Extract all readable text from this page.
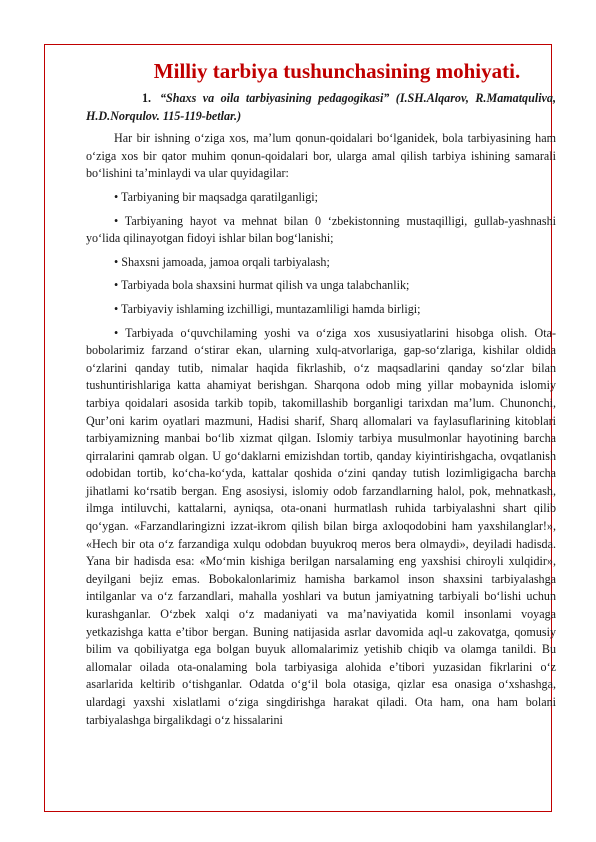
Milliy tarbiya tushunchasining mohiyati.

1. “Shaxs va oila tarbiyasining pedagogikasi” (I.SH.Alqarov, R.Mamatquliva, H.D.Norqulov. 115-119-betlar.)

Har bir ishning o‘ziga xos, ma’lum qonun-qoidalari bo‘lganidek, bola tarbiyasining ham o‘ziga xos bir qator muhim qonun-qoidalari bor, ularga amal qilish tarbiya ishining samarali bo‘lishini ta’minlaydi va ular quyidagilar:

• Tarbiyaning bir maqsadga qaratilganligi;

• Tarbiyaning hayot va mehnat bilan 0 ‘zbekistonning mustaqilligi, gullab-yashnashi yo‘lida qilinayotgan fidoyi ishlar bilan bog‘lanishi;

• Shaxsni jamoada, jamoa orqali tarbiyalash;

• Tarbiyada bola shaxsini hurmat qilish va unga talabchanlik;

• Tarbiyaviy ishlaming izchilligi, muntazamliligi hamda birligi;

• Tarbiyada o‘quvchilaming yoshi va o‘ziga xos xususiyatlarini hisobga olish. Ota-bobolarimiz farzand o‘stirar ekan, ularning xulq-atvorlariga, gap-so‘zlariga, kishilar oldida o‘zlarini qanday tutib, nimalar haqida fikrlashib, o‘z maqsadlarini qanday so‘zlar bilan tushuntirishlariga katta ahamiyat berishgan. Sharqona odob ming yillar mobaynida islomiy tarbiya qoidalari asosida tarkib topib, takomillashib borganligi tarixdan ma’lum. Chunonchi, Qur’oni karim oyatlari mazmuni, Hadisi sharif, Sharq allomalari va faylasuflarining kitoblari tarbiyamizning manbai bo‘lib xizmat qilgan. Islomiy tarbiya musulmonlar hayotining barcha qirralarini qamrab olgan. U go‘daklarni emizishdan tortib, qanday kiyintirishgacha, ovqatlanish odobidan tortib, ko‘cha-ko‘yda, kattalar qoshida o‘zini qanday tutish lozimligigacha barcha jihatlami ko‘rsatib bergan. Eng asosiysi, islomiy odob farzandlarning halol, pok, mehnatkash, ilmga intiluvchi, kattalarni, ayniqsa, ota-onani hurmatlash ruhida tarbiyalashni shart qilib qo‘ygan. «Farzandlaringizni izzat-ikrom qilish bilan birga axloqodobini ham yaxshilanglar!», «Hech bir ota o‘z farzandiga xulqu odobdan buyukroq meros bera olmaydi», deyiladi hadisda. Yana bir hadisda esa: «Mo‘min kishiga berilgan narsalaming eng yaxshisi chiroyli xulqidir», deyilgani bejiz emas. Bobokalonlarimiz hamisha barkamol inson shaxsini tarbiyalashga intilganlar va o‘z farzandlari, mahalla yoshlari va butun jamiyatning tarbiyali bo‘lishi uchun kurashganlar. O‘zbek xalqi o‘z madaniyati va ma’naviyatida komil insonlami voyaga yetkazishga katta e’tibor bergan. Buning natijasida asrlar davomida aql-u zakovatga, qomusiy bilim va qobiliyatga ega bolgan buyuk allomalarimiz yetishib chiqib va olamga tanildi. Bu allomalar oilada ota-onalaming bola tarbiyasiga alohida e’tibori yuzasidan fikrlarini o‘z asarlarida keltirib o‘tishganlar. Odatda o‘g‘il bola otasiga, qizlar esa onasiga o‘xshashga, ulardagi yaxshi xislatlami o‘ziga singdirishga harakat qiladi. Ota ham, ona ham bolani tarbiyalashga birgalikdagi o‘z hissalarini
